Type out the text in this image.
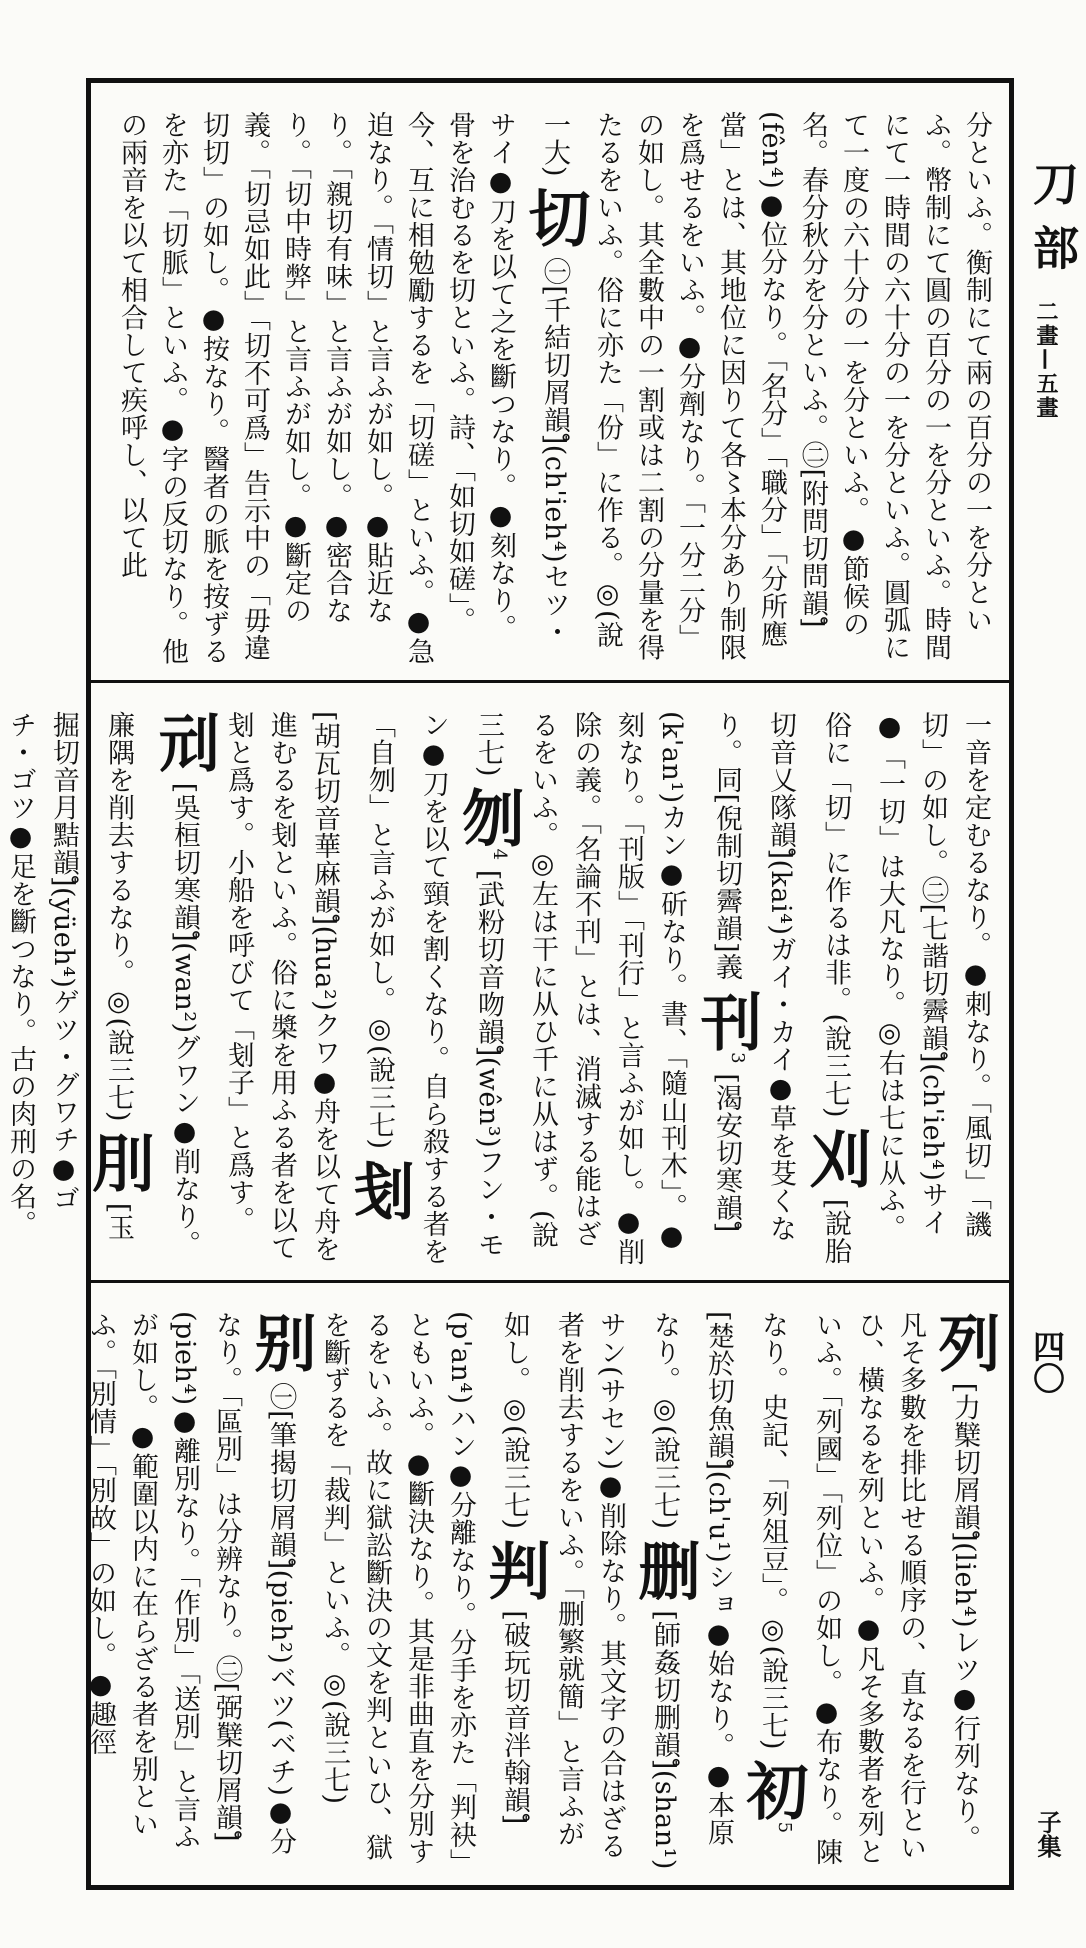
分といふ。衡制にて兩の百分の一を分といふ。幣制にて圓の百分の一を分といふ。時間にて一時間の六十分の一を分といふ。圓弧にて一度の六十分の一を分といふ。●節候の名。春分秋分を分といふ。㊁[附問切問韻]̊(fên⁴)●位分なり。「名分」「職分」「分所應當」とは、其地位に因りて各〻本分あり制限を爲せるをいふ。●分劑なり。「一分二分」の如し。其全數中の一割或は二割の分量を得たるをいふ。俗に亦た「份」に作る。◎(說一大) 切 ㊀[千結切屑韻]̊(ch'ieh⁴)セツ・サイ●刀を以て之を斷つなり。●刻なり。骨を治むるを切といふ。詩、「如切如磋」。今、互に相勉勵するを「切磋」といふ。●急迫なり。「情切」と言ふが如し。●貼近なり。「親切有味」と言ふが如し。●密合なり。「切中時弊」と言ふが如し。●斷定の義。「切忌如此」「切不可爲」告示中の「毋違切切」の如し。●按なり。醫者の脈を按ずるを亦た「切脈」といふ。●字の反切なり。他の兩音を以て相合して疾呼し、以て此
一音を定むるなり。●刺なり。「風切」「譏切」の如し。㊁[七諧切霽韻]̊(ch'ieh⁴)サイ●「一切」は大凡なり。◎右は七に从ふ。俗に「切」に作るは非。(說三七) 刈 [說胎切音乂隊韻]̊(kai⁴)ガイ・カイ●草を芟くなり。同[倪制切霽韻]義 刊$^3$ [渴安切寒韻]̊(k'an¹)カン●斫なり。書、「隨山刊木」。●刻なり。「刊版」「刊行」と言ふが如し。●削除の義。「名論不刊」とは、消滅する能はざるをいふ。◎左は干に从ひ千に从はず。(說三七) 刎$^4$ [武粉切音吻韻]̊(wên³)フン・モン●刀を以て頸を割くなり。自ら殺する者を「自刎」と言ふが如し。◎(說三七) 刬 [胡瓦切音華麻韻]̊(hua²)クワ●舟を以て舟を進むるを刬といふ。俗に槳を用ふる者を以て刬と爲す。小船を呼びて「刬子」と爲す。 刓 [吳桓切寒韻]̊(wan²)グワン●削なり。廉隅を削去するなり。◎(說三七) 刖 [玉掘切音月黠韻]̊(yüeh⁴)ゲツ・グワチ●ゴチ・ゴツ●足を斷つなり。古の肉刑の名。
列 [力櫱切屑韻]̊(lieh⁴)レツ●行列なり。凡そ多數を排比せる順序の、直なるを行といひ、橫なるを列といふ。●凡そ多數者を列といふ。「列國」「列位」の如し。●布なり。陳なり。史記、「列俎豆」。◎(說三七) 初$^5$ [楚於切魚韻]̊(ch'u¹)ショ●始なり。●本原なり。◎(說三七) 删 [師姦切删韻]̊(shan¹)サン(サセン)●削除なり。其文字の合はざる者を削去するをいふ。「删繁就簡」と言ふが如し。◎(說三七) 判 [破玩切音泮翰韻]̊(p'an⁴)ハン●分離なり。分手を亦た「判袂」ともいふ。●斷決なり。其是非曲直を分別するをいふ。故に獄訟斷決の文を判といひ、獄を斷ずるを「裁判」といふ。◎(說三七) 别 ㊀[筆揭切屑韻]̊(pieh²)ベツ(ベチ)●分なり。「區別」は分辨なり。㊁[弼櫱切屑韻]̊(pieh⁴)●離別なり。「作別」「送別」と言ふが如し。●範圍以内に在らざる者を别といふ。「別情」「別故」の如し。●趣徑
刀部
二畫—五畫
四〇
子集
